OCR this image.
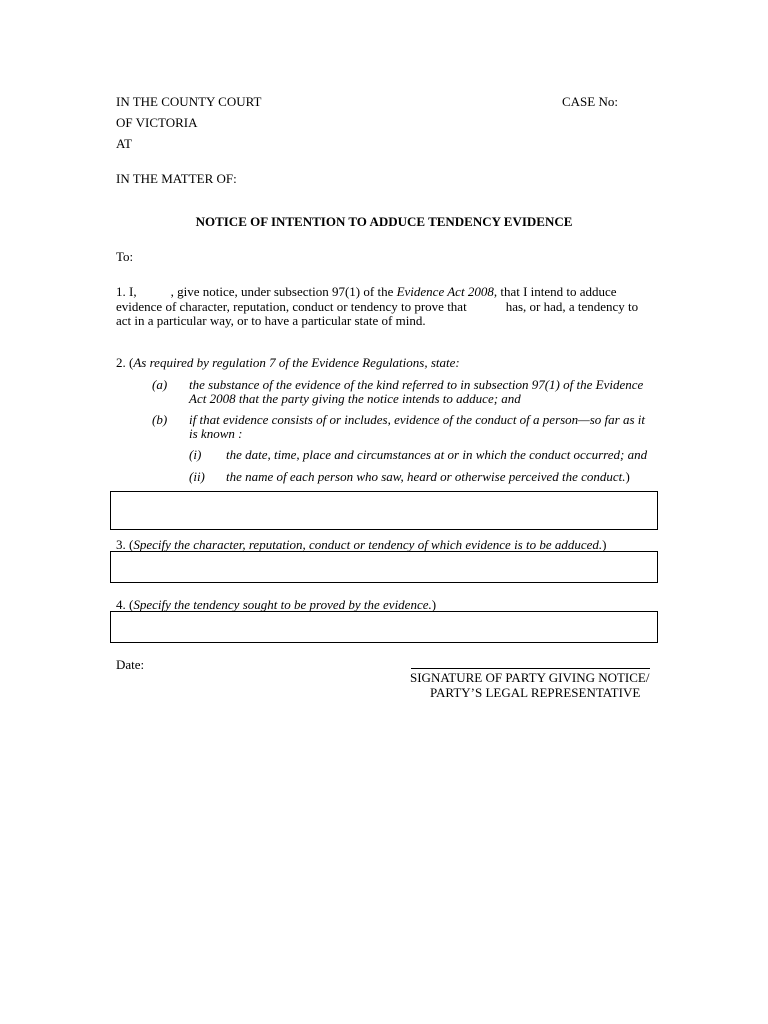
IN THE COUNTY COURT	CASE No:
OF VICTORIA
AT
IN THE MATTER OF:
NOTICE OF INTENTION TO ADDUCE TENDENCY EVIDENCE
To:
1. I,	, give notice, under subsection 97(1) of the Evidence Act 2008, that I intend to adduce
evidence of character, reputation, conduct or tendency to prove that	has, or had, a tendency to
act in a particular way, or to have a particular state of mind.
2. (As required by regulation 7 of the Evidence Regulations, state:
(a) the substance of the evidence of the kind referred to in subsection 97(1) of the Evidence
Act 2008 that the party giving the notice intends to adduce; and
(b) if that evidence consists of or includes, evidence of the conduct of a person—so far as it
is known :
(i) the date, time, place and circumstances at or in which the conduct occurred; and
(ii) the name of each person who saw, heard or otherwise perceived the conduct.)
3. (Specify the character, reputation, conduct or tendency of which evidence is to be adduced.)
4. (Specify the tendency sought to be proved by the evidence.)
Date:
SIGNATURE OF PARTY GIVING NOTICE/
PARTY’S LEGAL REPRESENTATIVE
